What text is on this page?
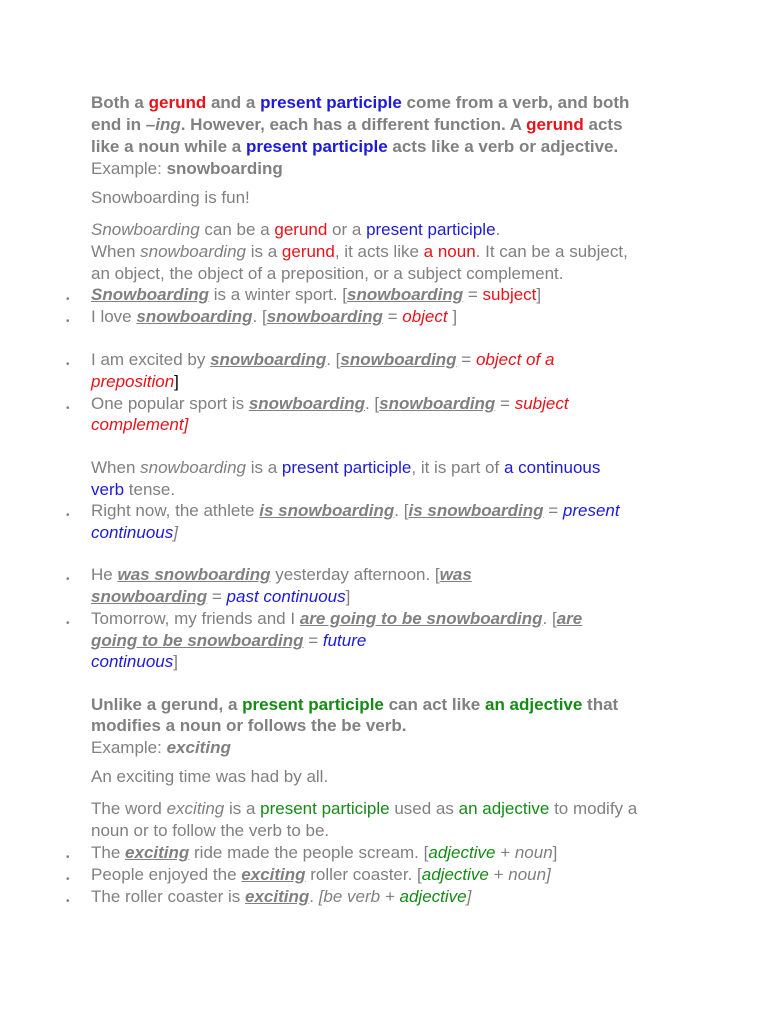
Both a gerund and a present participle come from a verb, and both

end in –ing. However, each has a different function. A gerund acts

like a noun while a present participle acts like a verb or adjective.

Example: snowboarding

Snowboarding is fun!

Snowboarding can be a gerund or a present participle.

When snowboarding is a gerund, it acts like a noun. It can be a subject,

an object, the object of a preposition, or a subject complement.

• Snowboarding is a winter sport. [snowboarding = subject]

• I love snowboarding. [snowboarding = object ]

• I am excited by snowboarding. [snowboarding = object of a

preposition]

• One popular sport is snowboarding. [snowboarding = subject

complement]

When snowboarding is a present participle, it is part of a continuous

verb tense.

• Right now, the athlete is snowboarding. [is snowboarding = present

continuous]

• He was snowboarding yesterday afternoon. [was

snowboarding = past continuous]

• Tomorrow, my friends and I are going to be snowboarding. [are

going to be snowboarding = future

continuous]

Unlike a gerund, a present participle can act like an adjective that

modifies a noun or follows the be verb.

Example: exciting

An exciting time was had by all.

The word exciting is a present participle used as an adjective to modify a

noun or to follow the verb to be.

• The exciting ride made the people scream. [adjective + noun]

• People enjoyed the exciting roller coaster. [adjective + noun]

• The roller coaster is exciting. [be verb + adjective]
